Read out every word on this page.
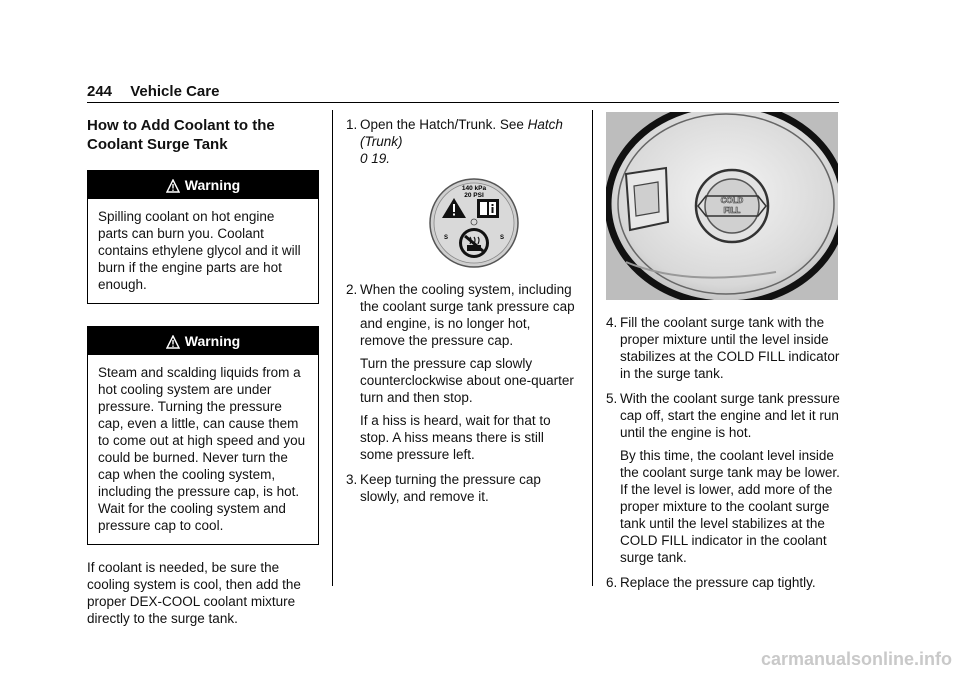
244 Vehicle Care
How to Add Coolant to the Coolant Surge Tank
Warning
Spilling coolant on hot engine parts can burn you. Coolant contains ethylene glycol and it will burn if the engine parts are hot enough.
Warning
Steam and scalding liquids from a hot cooling system are under pressure. Turning the pressure cap, even a little, can cause them to come out at high speed and you could be burned. Never turn the cap when the cooling system, including the pressure cap, is hot. Wait for the cooling system and pressure cap to cool.

If coolant is needed, be sure the cooling system is cool, then add the proper DEX-COOL coolant mixture directly to the surge tank.

1. Open the Hatch/Trunk. See Hatch (Trunk)
0 19.
140 kPa
20 PSI
S	S
2. When the cooling system, including the coolant surge tank pressure cap and engine, is no longer hot, remove the pressure cap.

Turn the pressure cap slowly counterclockwise about one-quarter turn and then stop.

If a hiss is heard, wait for that to stop. A hiss means there is still some pressure left.

3. Keep turning the pressure cap slowly, and remove it.

COLD
FILL
4. Fill the coolant surge tank with the proper mixture until the level inside stabilizes at the COLD FILL indicator in the surge tank.

5. With the coolant surge tank pressure cap off, start the engine and let it run until the engine is hot.

By this time, the coolant level inside the coolant surge tank may be lower. If the level is lower, add more of the proper mixture to the coolant surge tank until the level stabilizes at the COLD FILL indicator in the coolant surge tank.

6. Replace the pressure cap tightly.

carmanualsonline.info
